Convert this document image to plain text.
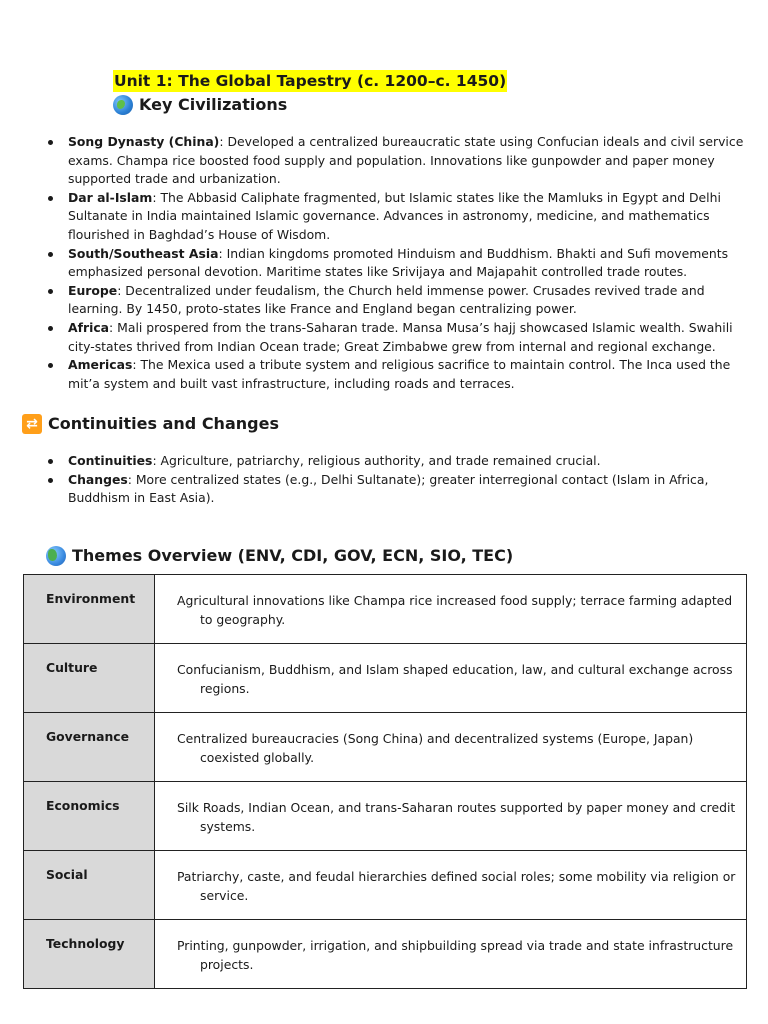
Unit 1: The Global Tapestry (c. 1200–c. 1450)
Key Civilizations
Song Dynasty (China): Developed a centralized bureaucratic state using Confucian ideals and civil service exams. Champa rice boosted food supply and population. Innovations like gunpowder and paper money supported trade and urbanization.
Dar al-Islam: The Abbasid Caliphate fragmented, but Islamic states like the Mamluks in Egypt and Delhi Sultanate in India maintained Islamic governance. Advances in astronomy, medicine, and mathematics flourished in Baghdad’s House of Wisdom.
South/Southeast Asia: Indian kingdoms promoted Hinduism and Buddhism. Bhakti and Sufi movements emphasized personal devotion. Maritime states like Srivijaya and Majapahit controlled trade routes.
Europe: Decentralized under feudalism, the Church held immense power. Crusades revived trade and learning. By 1450, proto-states like France and England began centralizing power.
Africa: Mali prospered from the trans-Saharan trade. Mansa Musa’s hajj showcased Islamic wealth. Swahili city-states thrived from Indian Ocean trade; Great Zimbabwe grew from internal and regional exchange.
Americas: The Mexica used a tribute system and religious sacrifice to maintain control. The Inca used the mit’a system and built vast infrastructure, including roads and terraces.
⇄ Continuities and Changes
Continuities: Agriculture, patriarchy, religious authority, and trade remained crucial.
Changes: More centralized states (e.g., Delhi Sultanate); greater interregional contact (Islam in Africa, Buddhism in East Asia).
Themes Overview (ENV, CDI, GOV, ECN, SIO, TEC)
Environment	Agricultural innovations like Champa rice increased food supply; terrace farming adapted to geography.

Culture	Confucianism, Buddhism, and Islam shaped education, law, and cultural exchange across regions.

Governance	Centralized bureaucracies (Song China) and decentralized systems (Europe, Japan) coexisted globally.

Economics	Silk Roads, Indian Ocean, and trans-Saharan routes supported by paper money and credit systems.

Social	Patriarchy, caste, and feudal hierarchies defined social roles; some mobility via religion or service.

Technology	Printing, gunpowder, irrigation, and shipbuilding spread via trade and state infrastructure projects.
